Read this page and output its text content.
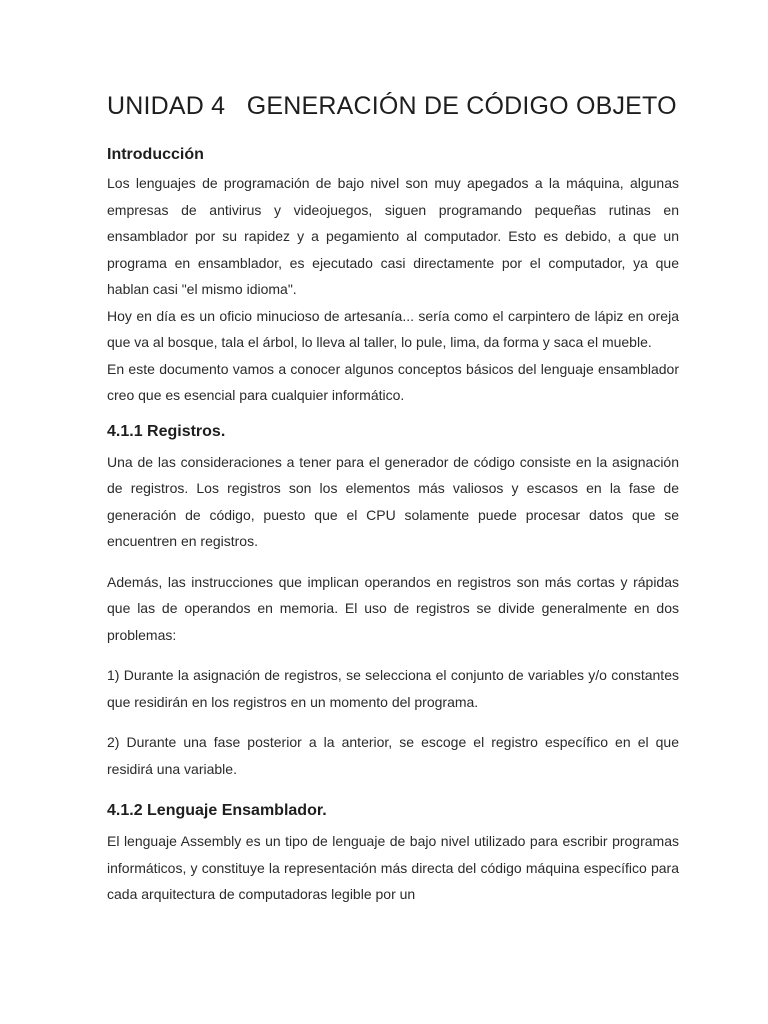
UNIDAD 4   GENERACIÓN DE CÓDIGO OBJETO
Introducción

Los lenguajes de programación de bajo nivel son muy apegados a la máquina, algunas empresas de antivirus y videojuegos, siguen programando pequeñas rutinas en ensamblador por su rapidez y a pegamiento al computador. Esto es debido, a que un programa en ensamblador, es ejecutado casi directamente por el computador, ya que hablan casi "el mismo idioma".

Hoy en día es un oficio minucioso de artesanía... sería como el carpintero de lápiz en oreja que va al bosque, tala el árbol, lo lleva al taller, lo pule, lima, da forma y saca el mueble.

En este documento vamos a conocer algunos conceptos básicos del lenguaje ensamblador creo que es esencial para cualquier informático.

4.1.1 Registros.

Una de las consideraciones a tener para el generador de código consiste en la asignación de registros. Los registros son los elementos más valiosos y escasos en la fase de generación de código, puesto que el CPU solamente puede procesar datos que se encuentren en registros.

Además, las instrucciones que implican operandos en registros son más cortas y rápidas que las de operandos en memoria. El uso de registros se divide generalmente en dos problemas:

1) Durante la asignación de registros, se selecciona el conjunto de variables y/o constantes que residirán en los registros en un momento del programa.

2) Durante una fase posterior a la anterior, se escoge el registro específico en el que residirá una variable.

4.1.2 Lenguaje Ensamblador.

El lenguaje Assembly es un tipo de lenguaje de bajo nivel utilizado para escribir programas informáticos, y constituye la representación más directa del código máquina específico para cada arquitectura de computadoras legible por un
